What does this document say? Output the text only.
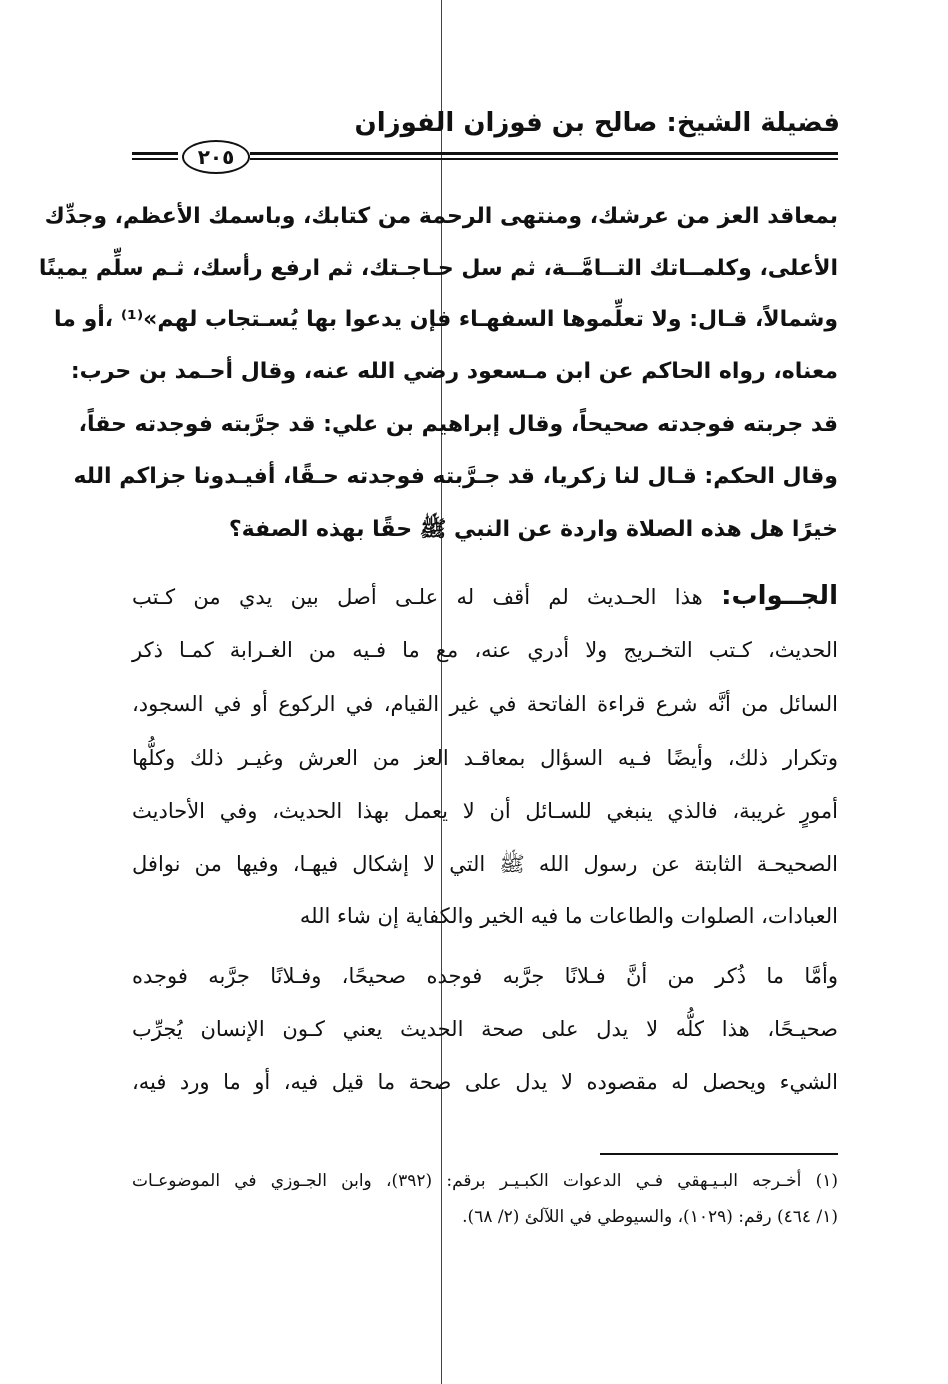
فضيلة الشيخ: صالح بن فوزان الفوزان
٢٠٥
بمعاقد العز من عرشك، ومنتهى الرحمة من كتابك، وباسمك الأعظم، وجدِّك
الأعلى، وكلمــاتك التــامَّــة، ثم سل حـاجـتك، ثم ارفع رأسك، ثـم سلِّم يمينًا
وشمالاً، قـال: ولا تعلِّموها السفهـاء فإن يدعوا بها يُسـتجاب لهم»⁽¹⁾ ،أو ما
معناه، رواه الحاكم عن ابن مـسعود رضي الله عنه، وقال أحـمد بن حرب:
قد جربته فوجدته صحيحاً، وقال إبراهيم بن علي: قد جرَّبته فوجدته حقاً،
وقال الحكم: قـال لنا زكريا، قد جـرَّبته فوجدته حـقًا، أفيـدونا جزاكم الله
خيرًا هل هذه الصلاة واردة عن النبي ﷺ حقًا بهذه الصفة؟
الجــواب: هذا الحـديث لم أقف له علـى أصل بين يدي من كـتب
الحديث، كـتب التخـريج ولا أدري عنه، مع ما فـيه من الغـرابة كمـا ذكر
السائل من أنَّه شرع قراءة الفاتحة في غير القيام، في الركوع أو في السجود،
وتكرار ذلك، وأيضًا فـيه السؤال بمعاقـد العز من العرش وغيـر ذلك وكلُّها
أمورٍ غريبة، فالذي ينبغي للسـائل أن لا يعمل بهذا الحديث، وفي الأحاديث
الصحيحـة الثابتة عن رسول الله ﷺ التي لا إشكال فيهـا، وفيها من نوافل
العبادات، الصلوات والطاعات ما فيه الخير والكفاية إن شاء الله
وأمَّا ما ذُكر من أنَّ فـلانًا جرَّبه فوجده صحيحًا، وفـلانًا جرَّبه فوجده
صحيـحًا، هذا كلُّه لا يدل على صحة الحديث يعني كـون الإنسان يُجرِّب
الشيء ويحصل له مقصوده لا يدل على صحة ما قيل فيه، أو ما ورد فيه،
(١) أخـرجه البـيـهقي فـي الدعوات الكبـيـر برقم: (٣٩٢)، وابن الجـوزي في الموضوعـات
(١/ ٤٦٤) رقم: (١٠٢٩)، والسيوطي في اللآلئ (٢/ ٦٨).
